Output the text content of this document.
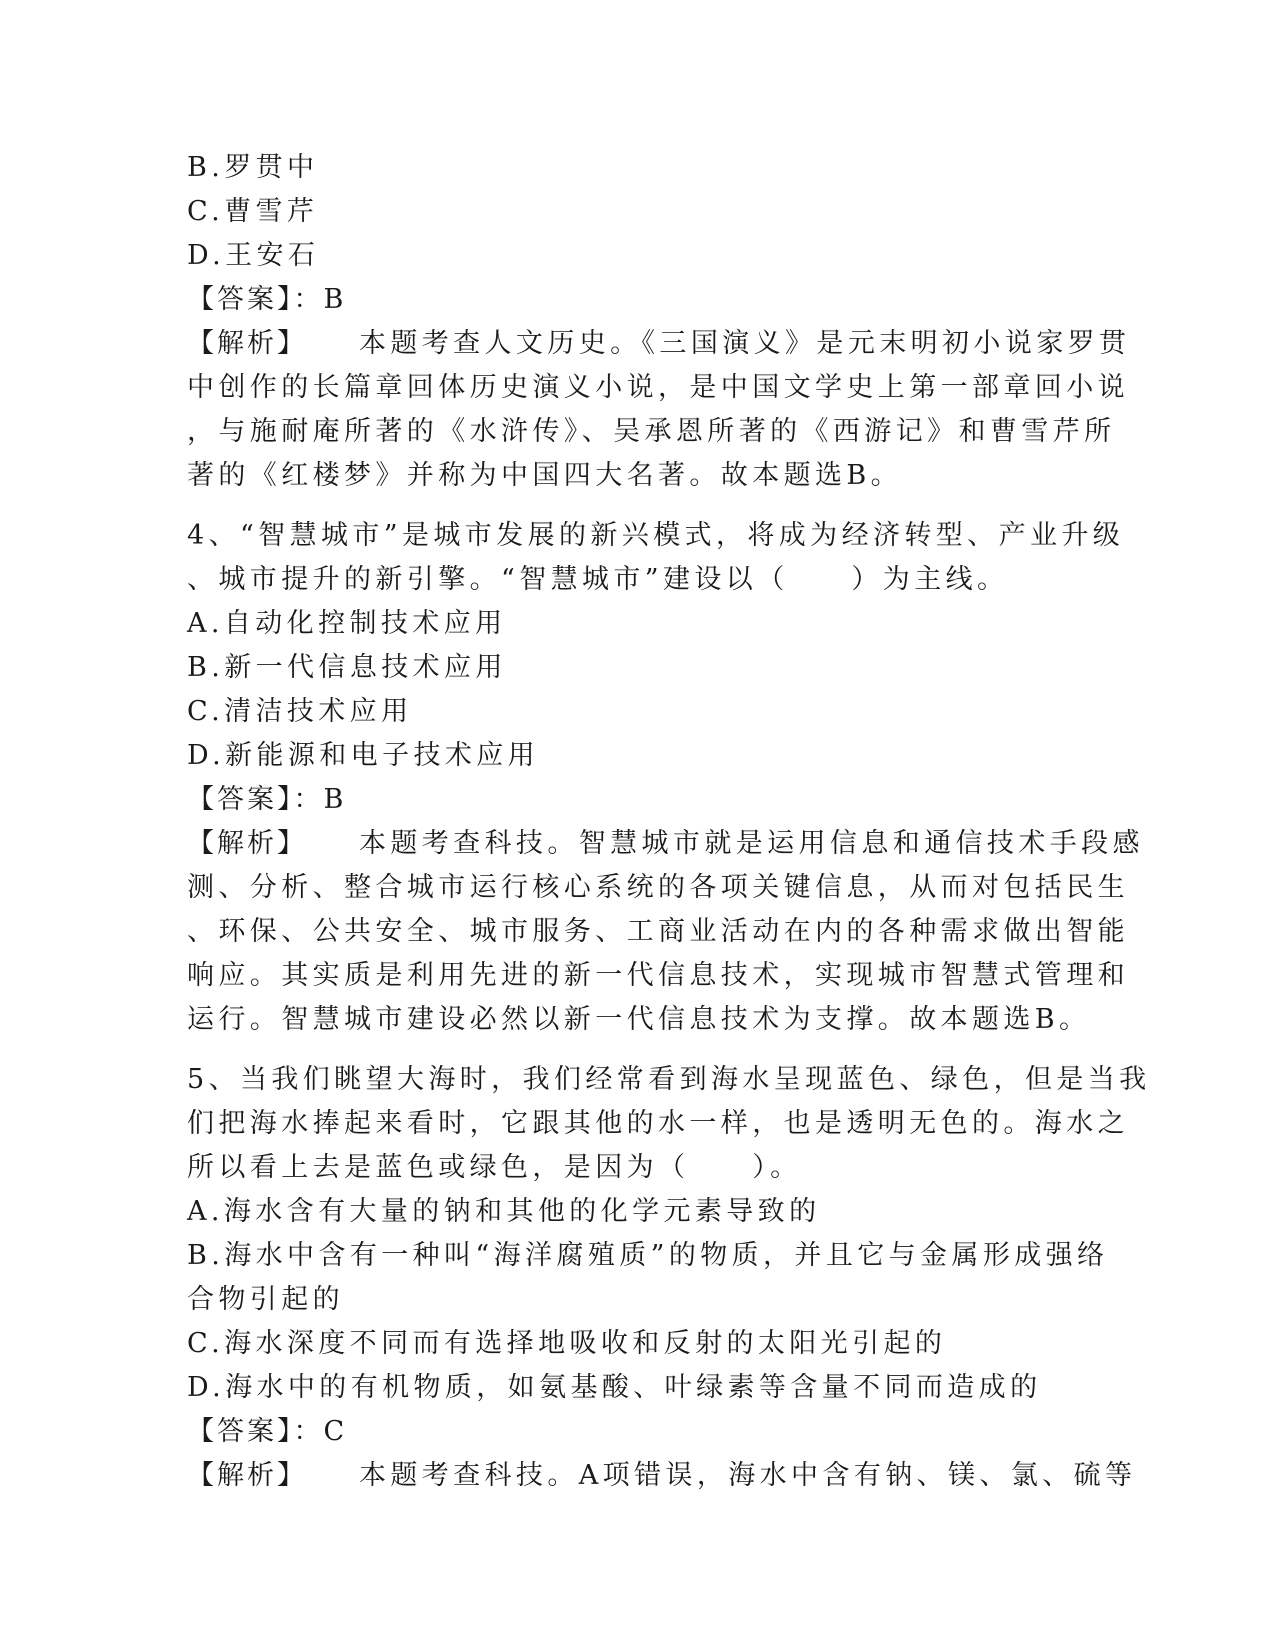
B.罗贯中
C.曹雪芹
D.王安石
【答案】：B
【解析】 本题考查人文历史。《三国演义》是元末明初小说家罗贯
中创作的长篇章回体历史演义小说，是中国文学史上第一部章回小说
，与施耐庵所著的《水浒传》、吴承恩所著的《西游记》和曹雪芹所
著的《红楼梦》并称为中国四大名著。故本题选B。
4、“智慧城市”是城市发展的新兴模式，将成为经济转型、产业升级
、城市提升的新引擎。“智慧城市”建设以（　　）为主线。
A.自动化控制技术应用
B.新一代信息技术应用
C.清洁技术应用
D.新能源和电子技术应用
【答案】：B
【解析】 本题考查科技。智慧城市就是运用信息和通信技术手段感
测、分析、整合城市运行核心系统的各项关键信息，从而对包括民生
、环保、公共安全、城市服务、工商业活动在内的各种需求做出智能
响应。其实质是利用先进的新一代信息技术，实现城市智慧式管理和
运行。智慧城市建设必然以新一代信息技术为支撑。故本题选B。
5、当我们眺望大海时，我们经常看到海水呈现蓝色、绿色，但是当我
们把海水捧起来看时，它跟其他的水一样，也是透明无色的。海水之
所以看上去是蓝色或绿色，是因为（　　）。
A.海水含有大量的钠和其他的化学元素导致的
B.海水中含有一种叫“海洋腐殖质”的物质，并且它与金属形成强络
合物引起的
C.海水深度不同而有选择地吸收和反射的太阳光引起的
D.海水中的有机物质，如氨基酸、叶绿素等含量不同而造成的
【答案】：C
【解析】 本题考查科技。A项错误，海水中含有钠、镁、氯、硫等
